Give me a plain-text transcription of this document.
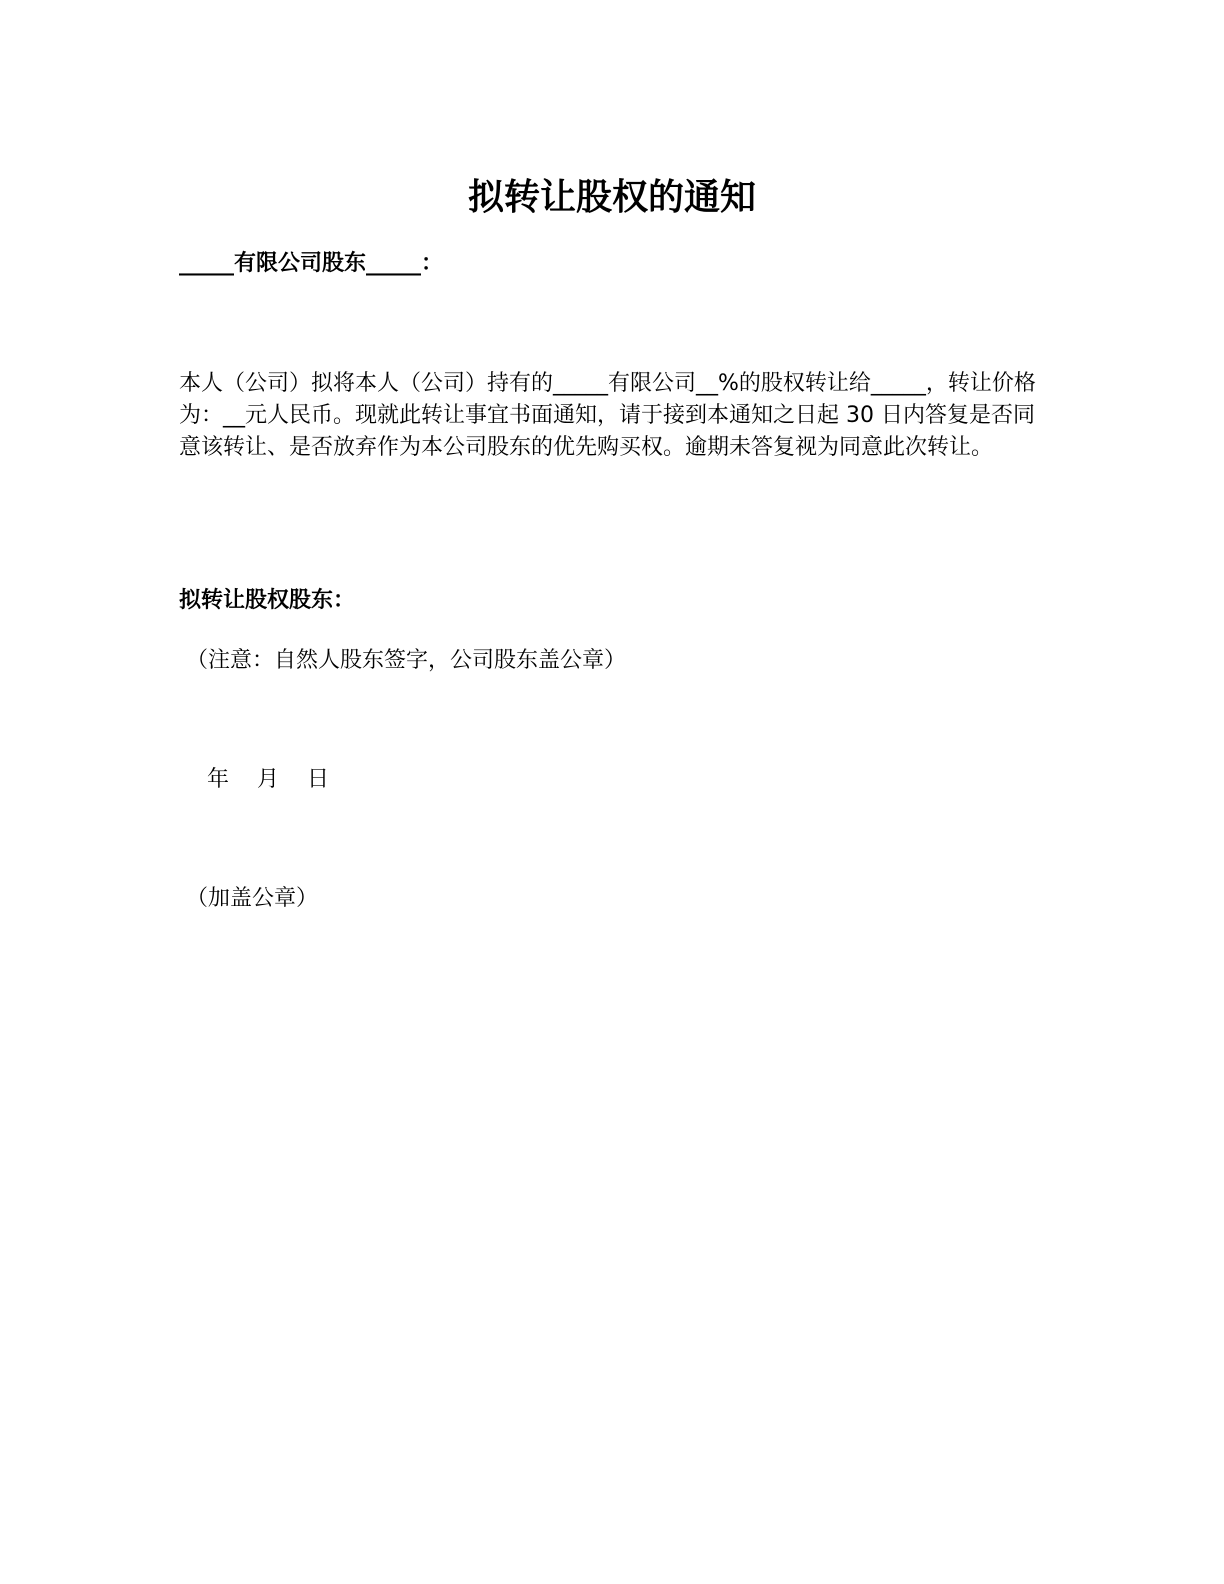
拟转让股权的通知
_____有限公司股东_____：

本人（公司）拟将本人（公司）持有的_____有限公司__%的股权转让给_____，转让价格为：__元人民币。现就此转让事宜书面通知，请于接到本通知之日起 30 日内答复是否同意该转让、是否放弃作为本公司股东的优先购买权。逾期未答复视为同意此次转让。

拟转让股权股东：
（注意：自然人股东签字，公司股东盖公章）
年    月    日
（加盖公章）
